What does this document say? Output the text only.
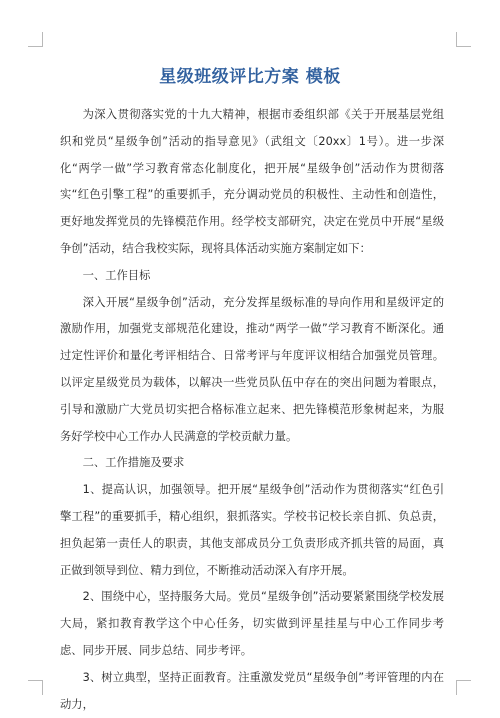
星级班级评比方案 模板

为深入贯彻落实党的十九大精神，根据市委组织部《关于开展基层党组织和党员“星级争创”活动的指导意见》（武组文〔20xx〕1号）。进一步深化“两学一做”学习教育常态化制度化，把开展“星级争创”活动作为贯彻落实“红色引擎工程”的重要抓手，充分调动党员的积极性、主动性和创造性，更好地发挥党员的先锋模范作用。经学校支部研究，决定在党员中开展“星级争创”活动，结合我校实际，现将具体活动实施方案制定如下：

一、工作目标

深入开展“星级争创”活动，充分发挥星级标准的导向作用和星级评定的激励作用，加强党支部规范化建设，推动“两学一做”学习教育不断深化。通过定性评价和量化考评相结合、日常考评与年度评议相结合加强党员管理。以评定星级党员为载体，以解决一些党员队伍中存在的突出问题为着眼点，引导和激励广大党员切实把合格标准立起来、把先锋模范形象树起来，为服务好学校中心工作办人民满意的学校贡献力量。

二、工作措施及要求

1、提高认识，加强领导。把开展“星级争创”活动作为贯彻落实“红色引擎工程”的重要抓手，精心组织，狠抓落实。学校书记校长亲自抓、负总责，担负起第一责任人的职责，其他支部成员分工负责形成齐抓共管的局面，真正做到领导到位、精力到位，不断推动活动深入有序开展。

2、围绕中心，坚持服务大局。党员“星级争创”活动要紧紧围绕学校发展大局，紧扣教育教学这个中心任务，切实做到评星挂星与中心工作同步考虑、同步开展、同步总结、同步考评。

3、树立典型，坚持正面教育。注重激发党员“星级争创”考评管理的内在动力，
